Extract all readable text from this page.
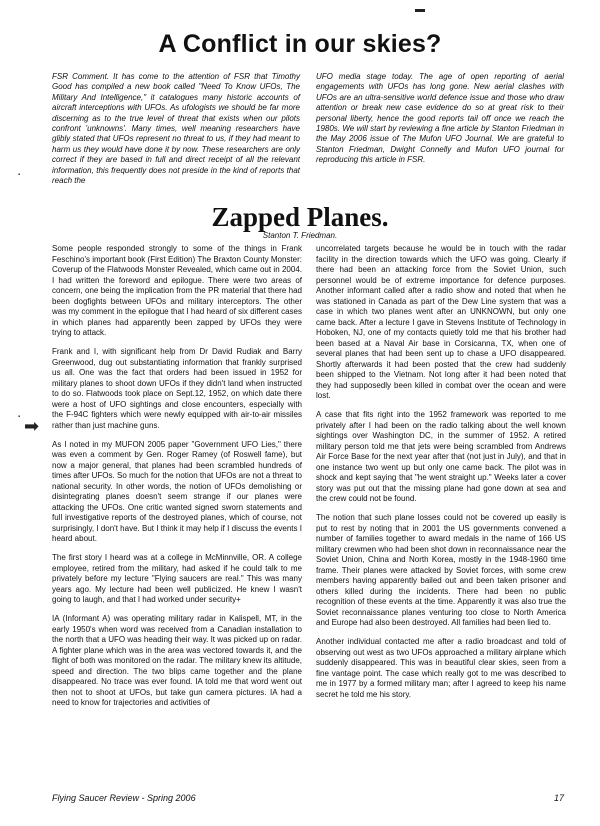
▬
▪
▪ ➡
A Conflict in our skies?
FSR Comment. It has come to the attention of FSR that Timothy Good has compiled a new book called "Need To Know UFOs, The Military And Intelligence," it catalogues many historic accounts of aircraft interceptions with UFOs. As ufologists we should be far more discerning as to the true level of threat that exists when our pilots confront 'unknowns'. Many times, well meaning researchers have glibly stated that UFOs represent no threat to us, if they had meant to harm us they would have done it by now. These researchers are only correct if they are based in full and direct receipt of all the relevant information, this frequently does not preside in the kind of reports that reach the
UFO media stage today. The age of open reporting of aerial engagements with UFOs has long gone. New aerial clashes with UFOs are an ultra-sensitive world defence issue and those who draw attention or break new case evidence do so at great risk to their personal liberty, hence the good reports tail off once we reach the 1980s. We will start by reviewing a fine article by Stanton Friedman in the May 2006 issue of The Mufon UFO Journal. We are grateful to Stanton Friedman, Dwight Connelly and Mufon UFO journal for reproducing this article in FSR.
Zapped Planes.
Stanton T. Friedman.

Some people responded strongly to some of the things in Frank Feschino's important book (First Edition) The Braxton County Monster: Coverup of the Flatwoods Monster Revealed, which came out in 2004. I had written the foreword and epilogue. There were two areas of concern, one being the implication from the PR material that there had been dogfights between UFOs and military interceptors. The other was my comment in the epilogue that I had heard of six different cases in which planes had apparently been zapped by UFOs they were trying to attack.

Frank and I, with significant help from Dr David Rudiak and Barry Greenwood, dug out substantiating information that frankly surprised us all. One was the fact that orders had been issued in 1952 for military planes to shoot down UFOs if they didn't land when instructed to do so. Flatwoods took place on Sept.12, 1952, on which date there were a host of UFO sightings and close encounters, especially with the F-94C fighters which were newly equipped with air-to-air missiles rather than just machine guns.

As I noted in my MUFON 2005 paper "Government UFO Lies," there was even a comment by Gen. Roger Ramey (of Roswell fame), but now a major general, that planes had been scrambled hundreds of times after UFOs. So much for the notion that UFOs are not a threat to national security. In other words, the notion of UFOs demolishing or disintegrating planes doesn't seem strange if our planes were attacking the UFOs. One critic wanted signed sworn statements and full investigative reports of the destroyed planes, which of course, not surprisingly, I don't have. But I think it may help if I discuss the events I heard about.

The first story I heard was at a college in McMinnville, OR. A college employee, retired from the military, had asked if he could talk to me privately before my lecture "Flying saucers are real." This was many years ago. My lecture had been well publicized. He knew I wasn't going to laugh, and that I had worked under security+

IA (Informant A) was operating military radar in Kalispell, MT, in the early 1950's when word was received from a Canadian installation to the north that a UFO was heading their way. It was picked up on radar. A fighter plane which was in the area was vectored towards it, and the flight of both was monitored on the radar. The military knew its altitude, speed and direction. The two blips came together and the plane disappeared. No trace was ever found. IA told me that word went out then not to shoot at UFOs, but take gun camera pictures. IA had a need to know for trajectories and activities of

uncorrelated targets because he would be in touch with the radar facility in the direction towards which the UFO was going. Clearly if there had been an attacking force from the Soviet Union, such personnel would be of extreme importance for defence purposes. Another informant called after a radio show and noted that when he was stationed in Canada as part of the Dew Line system that was a case in which two planes went after an UNKNOWN, but only one came back. After a lecture I gave in Stevens Institute of Technology in Hoboken, NJ, one of my contacts quietly told me that his brother had been based at a Naval Air base in Corsicanna, TX, when one of several planes that had been sent up to chase a UFO disappeared. Shortly afterwards it had been posted that the crew had suddenly been shipped to the Vietnam. Not long after it had been noted that they had supposedly been killed in combat over the ocean and were lost.

A case that fits right into the 1952 framework was reported to me privately after I had been on the radio talking about the well known sightings over Washington DC, in the summer of 1952. A retired military person told me that jets were being scrambled from Andrews Air Force Base for the next year after that (not just in July), and that in one instance two went up but only one came back. The pilot was in shock and kept saying that "he went straight up." Weeks later a cover story was put out that the missing plane had gone down at sea and the crew could not be found.

The notion that such plane losses could not be covered up easily is put to rest by noting that in 2001 the US governments convened a number of families together to award medals in the name of 166 US military crewmen who had been shot down in reconnaissance near the Soviet Union, China and North Korea, mostly in the 1948-1960 time frame. Their planes were attacked by Soviet forces, with some crew members having apparently bailed out and been taken prisoner and others killed during the incidents. There had been no public recognition of these events at the time. Apparently it was also true the Soviet reconnaissance planes venturing too close to North America and Europe had also been destroyed. All families had been lied to.

Another individual contacted me after a radio broadcast and told of observing out west as two UFOs approached a military airplane which suddenly disappeared. This was in beautiful clear skies, seen from a fine vantage point. The case which really got to me was described to me in 1977 by a formed military man; after I agreed to keep his name secret he told me his story.

Flying Saucer Review - Spring 2006	17
